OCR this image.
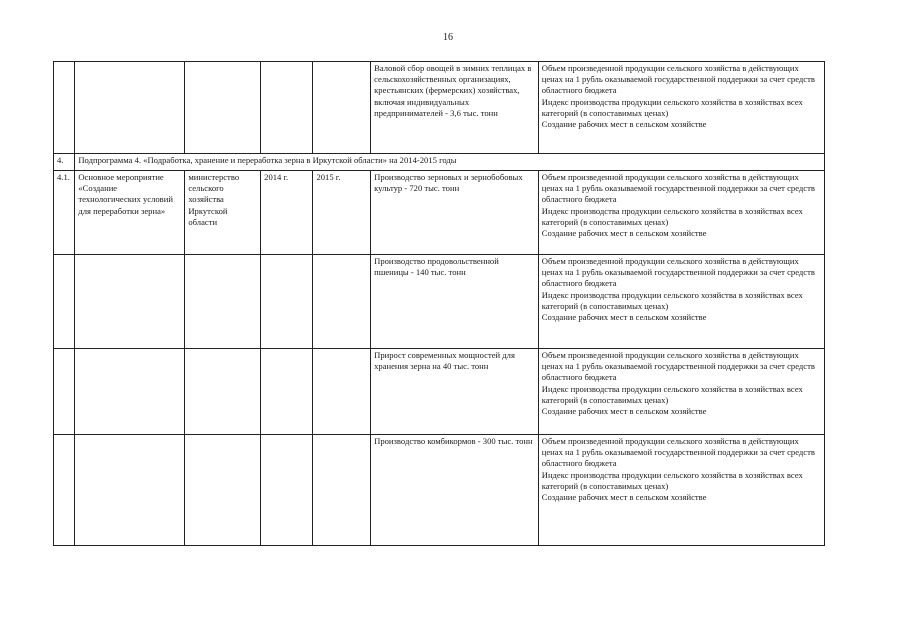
16
					Валовой сбор овощей в зимних теплицах в сельскохозяйственных организациях, крестьянских (фермерских) хозяйствах, включая индивидуальных предпринимателей - 3,6 тыс. тонн	Объем произведенной продукции сельского хозяйства в действующих ценах на 1 рубль оказываемой государственной поддержки за счет средств областного бюджета
Индекс производства продукции сельского хозяйства в хозяйствах всех категорий (в сопоставимых ценах)
Создание рабочих мест в сельском хозяйстве
4.	Подпрограмма 4. «Подработка, хранение и переработка зерна в Иркутской области» на 2014-2015 годы					
4.1.	Основное мероприятие «Создание технологических условий для переработки зерна»	министерство сельского хозяйства Иркутской области	2014 г.	2015 г.	Производство зерновых и зернобобовых культур - 720 тыс. тонн	Объем произведенной продукции сельского хозяйства в действующих ценах на 1 рубль оказываемой государственной поддержки за счет средств областного бюджета
Индекс производства продукции сельского хозяйства в хозяйствах всех категорий (в сопоставимых ценах)
Создание рабочих мест в сельском хозяйстве
					Производство продовольственной пшеницы - 140 тыс. тонн	Объем произведенной продукции сельского хозяйства в действующих ценах на 1 рубль оказываемой государственной поддержки за счет средств областного бюджета
Индекс производства продукции сельского хозяйства в хозяйствах всех категорий (в сопоставимых ценах)
Создание рабочих мест в сельском хозяйстве
					Прирост современных мощностей для хранения зерна на 40 тыс. тонн	Объем произведенной продукции сельского хозяйства в действующих ценах на 1 рубль оказываемой государственной поддержки за счет средств областного бюджета
Индекс производства продукции сельского хозяйства в хозяйствах всех категорий (в сопоставимых ценах)
Создание рабочих мест в сельском хозяйстве
					Производство комбикормов - 300 тыс. тонн	Объем произведенной продукции сельского хозяйства в действующих ценах на 1 рубль оказываемой государственной поддержки за счет средств областного бюджета
Индекс производства продукции сельского хозяйства в хозяйствах всех категорий (в сопоставимых ценах)
Создание рабочих мест в сельском хозяйстве
